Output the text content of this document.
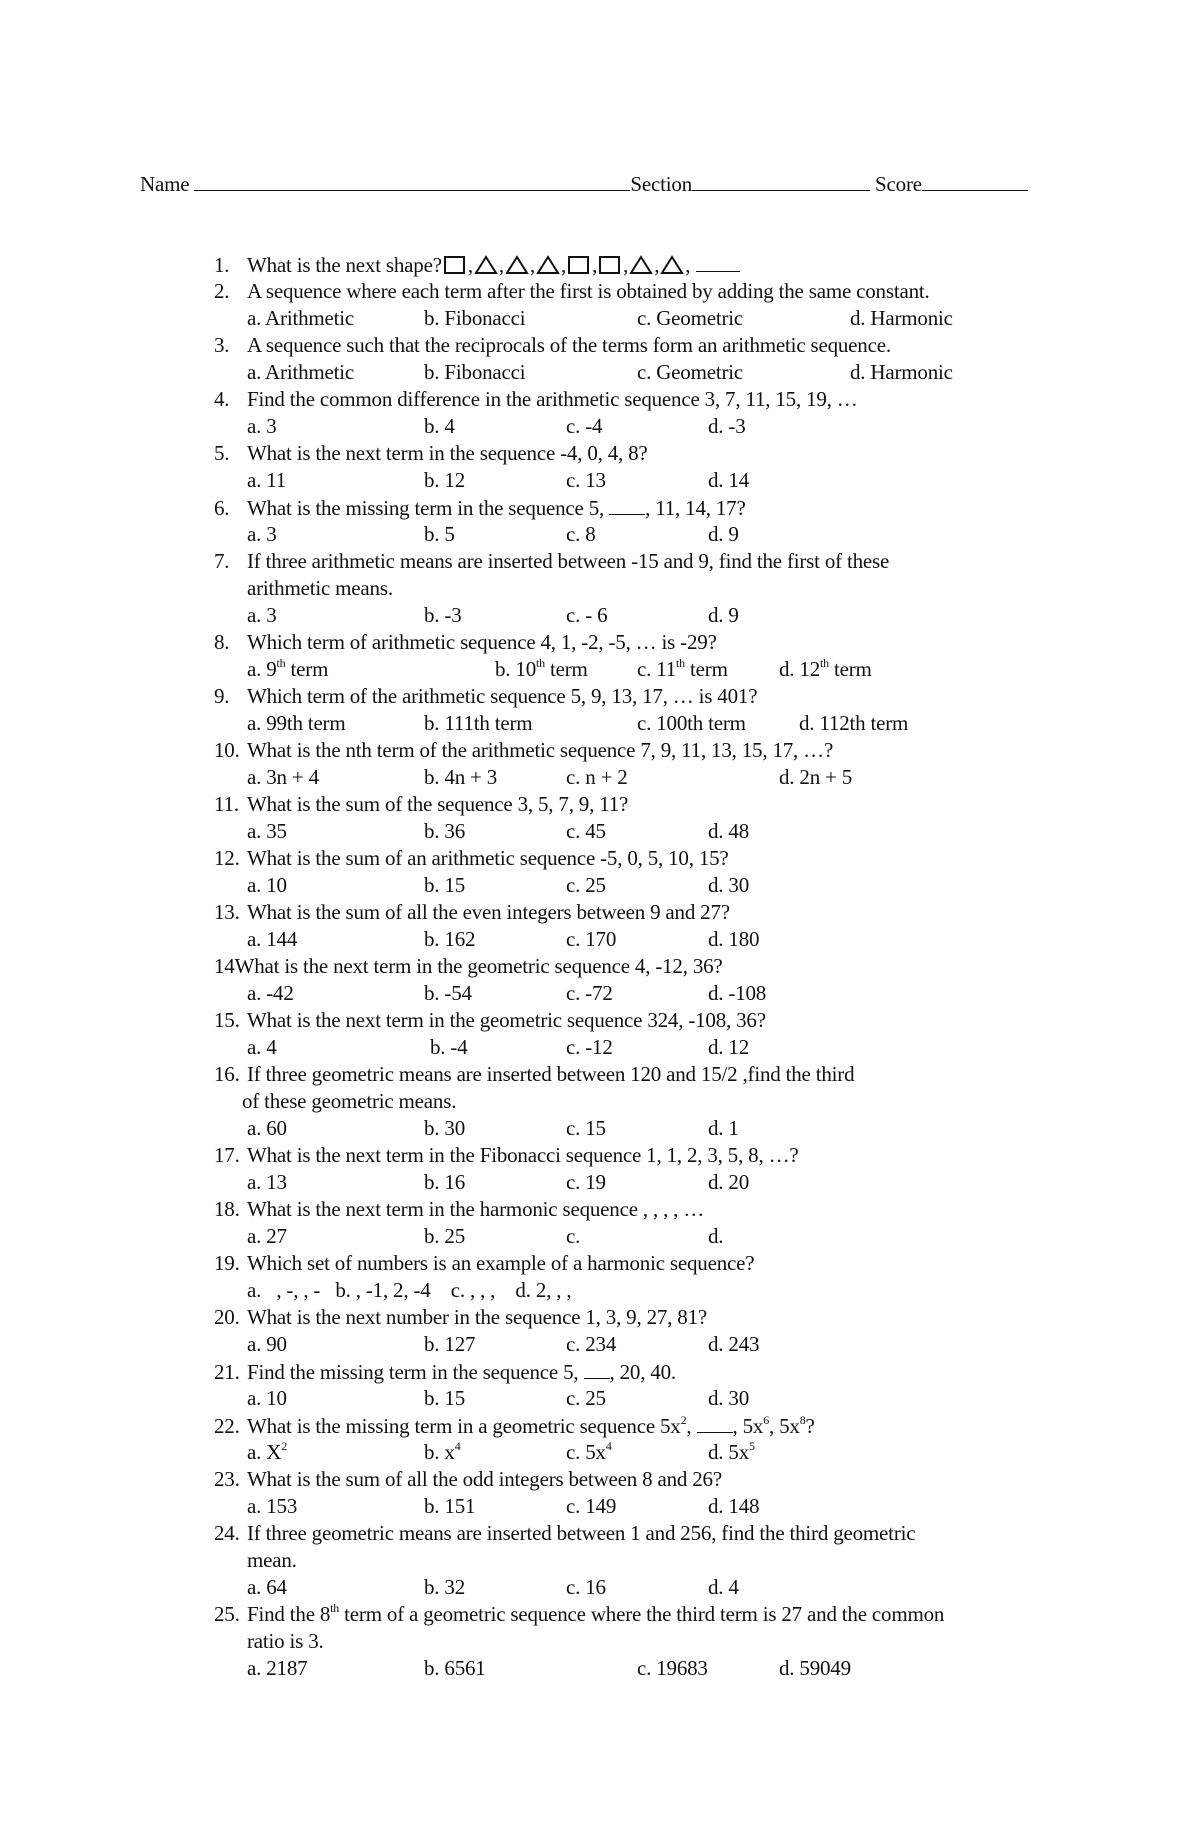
Name	Section	Score
1. What is the next shape? , , , , , , , ,
2. A sequence where each term after the first is obtained by adding the same constant.
a. Arithmetic	b. Fibonacci	c. Geometric	d. Harmonic
3. A sequence such that the reciprocals of the terms form an arithmetic sequence.
a. Arithmetic	b. Fibonacci	c. Geometric	d. Harmonic
4. Find the common difference in the arithmetic sequence 3, 7, 11, 15, 19, …
a. 3	b. 4	c. -4	d. -3
5. What is the next term in the sequence -4, 0, 4, 8?
a. 11	b. 12	c. 13	d. 14
6. What is the missing term in the sequence 5, , 11, 14, 17?
a. 3	b. 5	c. 8	d. 9
7. If three arithmetic means are inserted between -15 and 9, find the first of these
arithmetic means.
a. 3	b. -3	c. - 6	d. 9
8. Which term of arithmetic sequence 4, 1, -2, -5, … is -29?
a. 9th term	b. 10th term c. 11th term d. 12th term
9. Which term of the arithmetic sequence 5, 9, 13, 17, … is 401?
a. 99th term	b. 111th term	c. 100th term	d. 112th term
10. What is the nth term of the arithmetic sequence 7, 9, 11, 13, 15, 17, …?
a. 3n + 4	b. 4n + 3	c. n + 2	d. 2n + 5
11. What is the sum of the sequence 3, 5, 7, 9, 11?
a. 35	b. 36	c. 45	d. 48
12. What is the sum of an arithmetic sequence -5, 0, 5, 10, 15?
a. 10	b. 15	c. 25	d. 30
13. What is the sum of all the even integers between 9 and 27?
a. 144	b. 162	c. 170	d. 180
14What is the next term in the geometric sequence 4, -12, 36?
a. -42	b. -54	c. -72	d. -108
15. What is the next term in the geometric sequence 324, -108, 36?
a. 4	b. -4	c. -12	d. 12
16. If three geometric means are inserted between 120 and 15/2 ,find the third
of these geometric means.
a. 60	b. 30	c. 15	d. 1
17. What is the next term in the Fibonacci sequence 1, 1, 2, 3, 5, 8, …?
a. 13	b. 16	c. 19	d. 20
18. What is the next term in the harmonic sequence , , , , …
a. 27	b. 25	c.	d.
19. Which set of numbers is an example of a harmonic sequence?
a.   , -, , -   b. , -1, 2, -4    c. , , ,    d. 2, , ,
20. What is the next number in the sequence 1, 3, 9, 27, 81?
a. 90	b. 127	c. 234	d. 243
21. Find the missing term in the sequence 5, , 20, 40.
a. 10	b. 15	c. 25	d. 30
22. What is the missing term in a geometric sequence $5x^2$, , $5x^6$, $5x^8$?
a. $X^2$	b. $x^4$	c. $5x^4$	d. $5x^5$
23. What is the sum of all the odd integers between 8 and 26?
a. 153	b. 151	c. 149	d. 148
24. If three geometric means are inserted between 1 and 256, find the third geometric
mean.
a. 64	b. 32	c. 16	d. 4
25. Find the 8th term of a geometric sequence where the third term is 27 and the common
ratio is 3.
a. 2187	b. 6561	c. 19683	d. 59049
